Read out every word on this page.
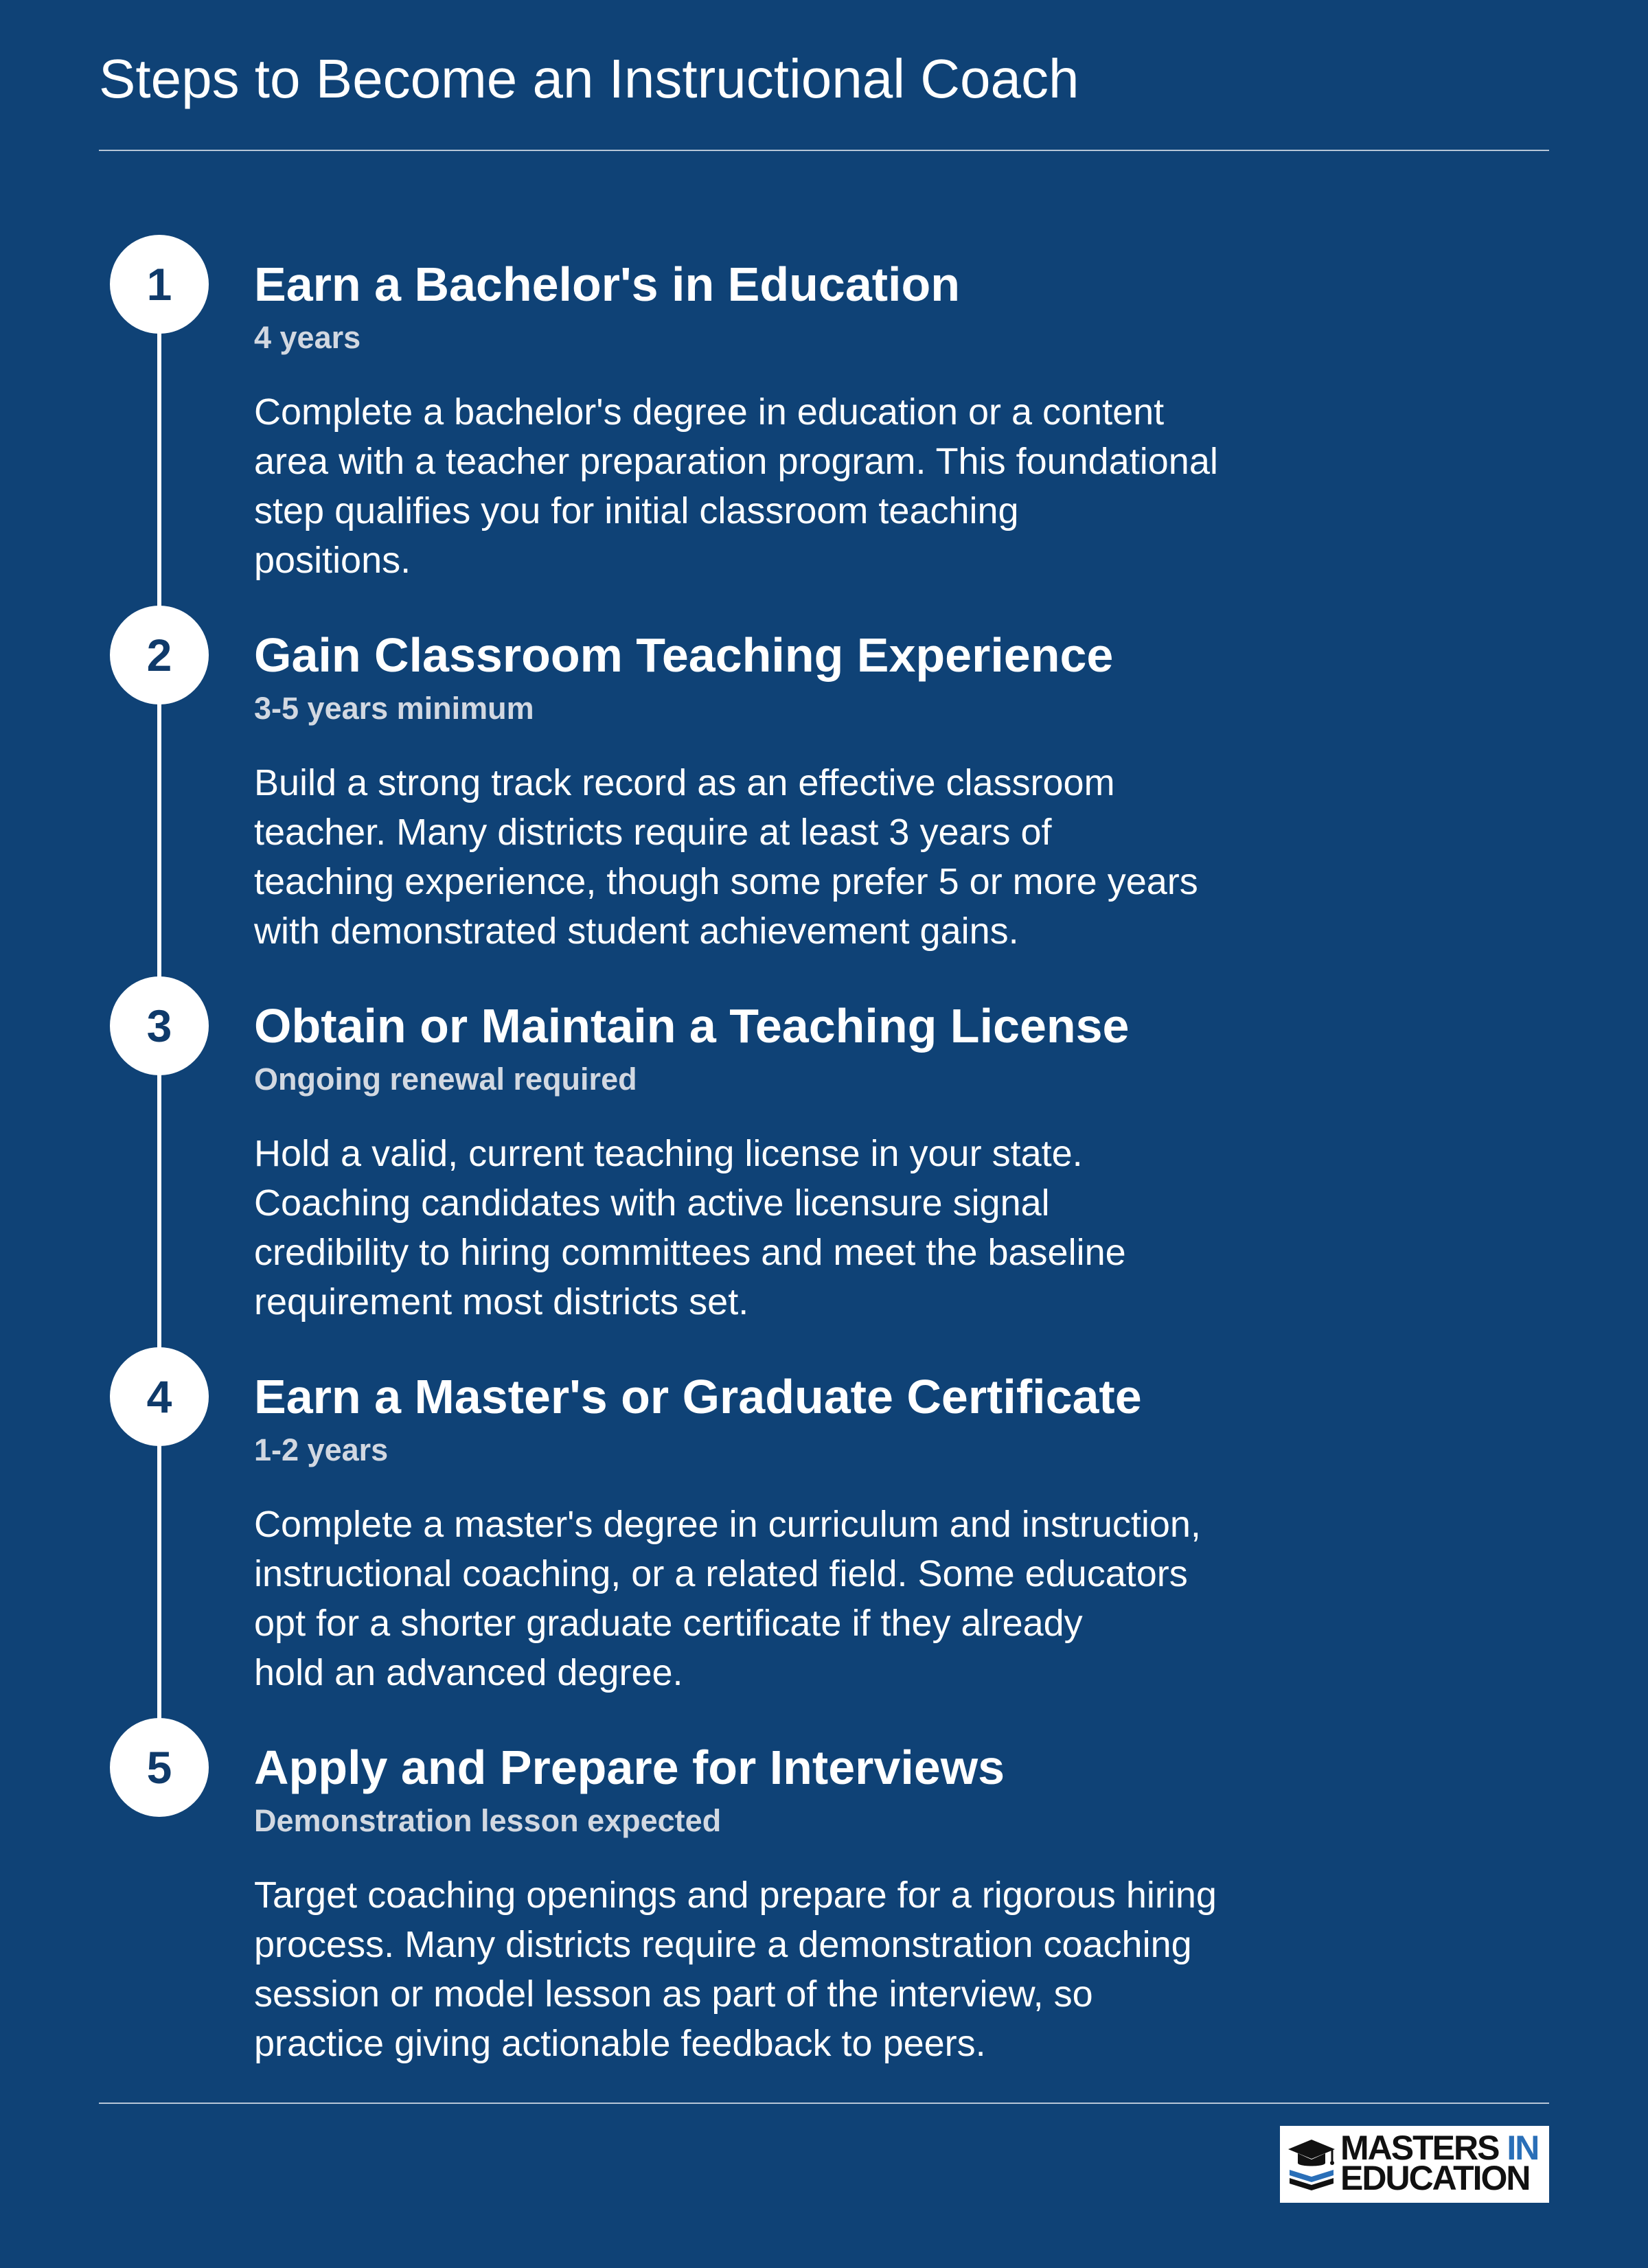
Steps to Become an Instructional Coach
1	Earn a Bachelor's in Education
4 years

Complete a bachelor's degree in education or a content
area with a teacher preparation program. This foundational
step qualifies you for initial classroom teaching
positions.

2	Gain Classroom Teaching Experience
3-5 years minimum

Build a strong track record as an effective classroom
teacher. Many districts require at least 3 years of
teaching experience, though some prefer 5 or more years
with demonstrated student achievement gains.

3	Obtain or Maintain a Teaching License
Ongoing renewal required

Hold a valid, current teaching license in your state.
Coaching candidates with active licensure signal
credibility to hiring committees and meet the baseline
requirement most districts set.

4	Earn a Master's or Graduate Certificate
1-2 years

Complete a master's degree in curriculum and instruction,
instructional coaching, or a related field. Some educators
opt for a shorter graduate certificate if they already
hold an advanced degree.

5	Apply and Prepare for Interviews
Demonstration lesson expected

Target coaching openings and prepare for a rigorous hiring
process. Many districts require a demonstration coaching
session or model lesson as part of the interview, so
practice giving actionable feedback to peers.

MASTERS IN
EDUCATION
